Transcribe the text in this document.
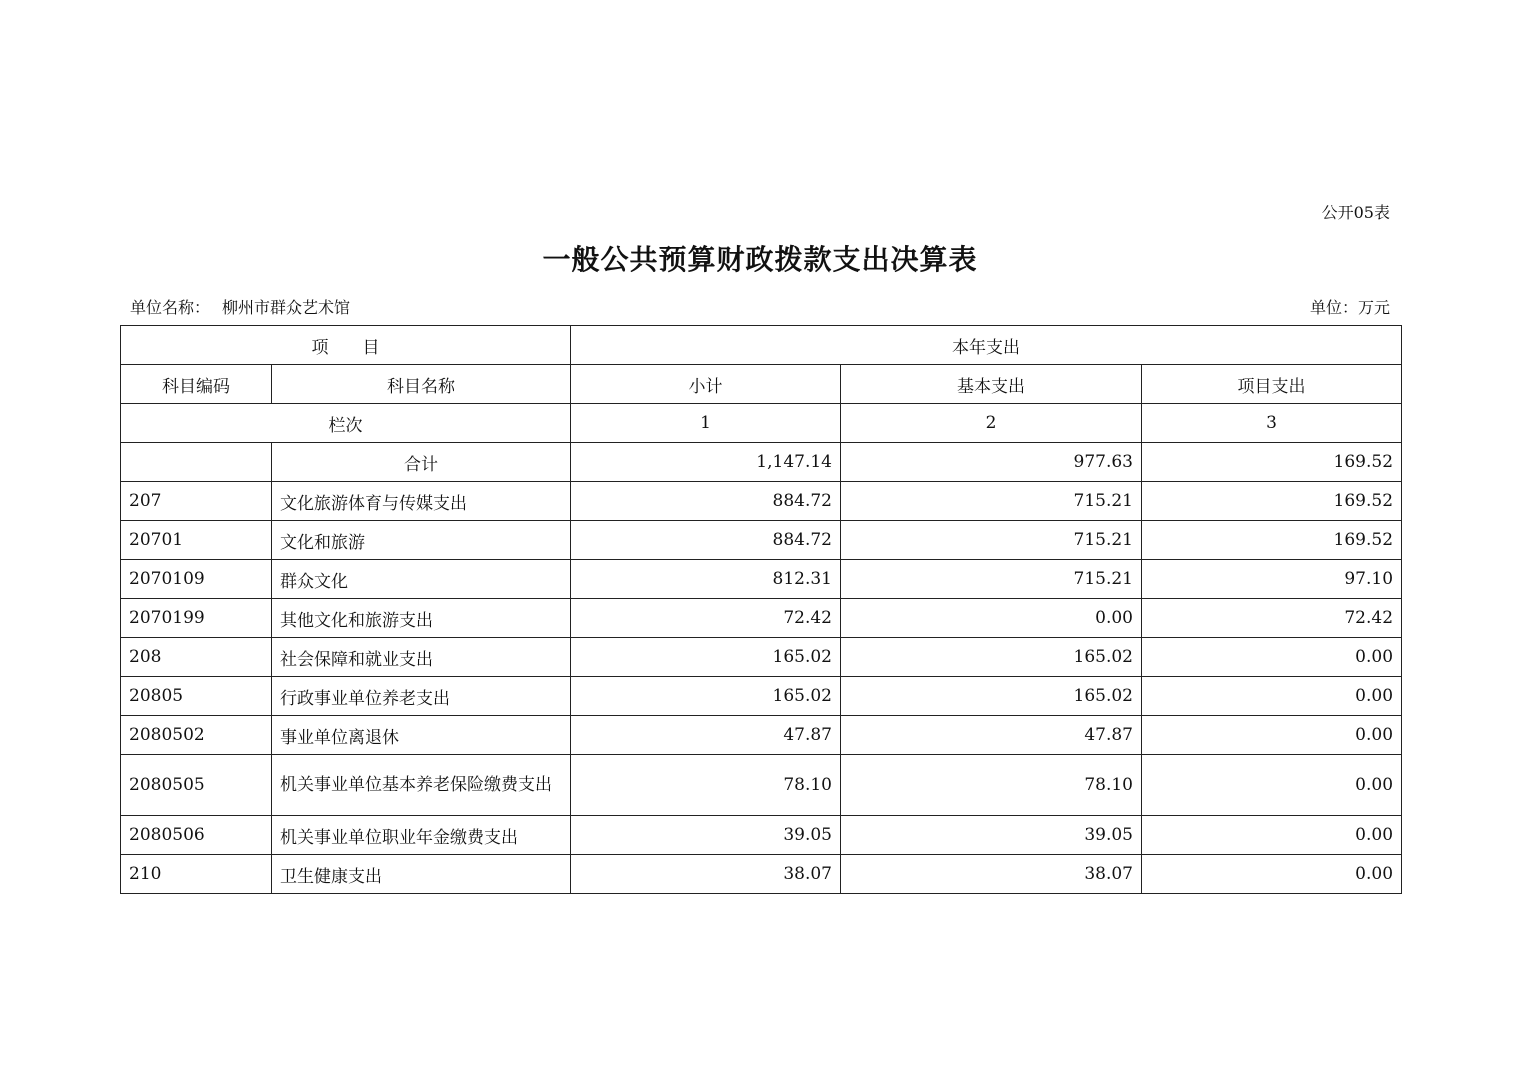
公开05表
一般公共预算财政拨款支出决算表
单位名称： 柳州市群众艺术馆	单位：万元
项　　目		本年支出		
科目编码	科目名称	小计	基本支出	项目支出
栏次		1	2	3
	合计	1,147.14	977.63	169.52
207	文化旅游体育与传媒支出	884.72	715.21	169.52
20701	文化和旅游	884.72	715.21	169.52
2070109	群众文化	812.31	715.21	97.10
2070199	其他文化和旅游支出	72.42	0.00	72.42
208	社会保障和就业支出	165.02	165.02	0.00
20805	行政事业单位养老支出	165.02	165.02	0.00
2080502	事业单位离退休	47.87	47.87	0.00
2080505	机关事业单位基本养老保险缴费支出	78.10	78.10	0.00
2080506	机关事业单位职业年金缴费支出	39.05	39.05	0.00
210	卫生健康支出	38.07	38.07	0.00
